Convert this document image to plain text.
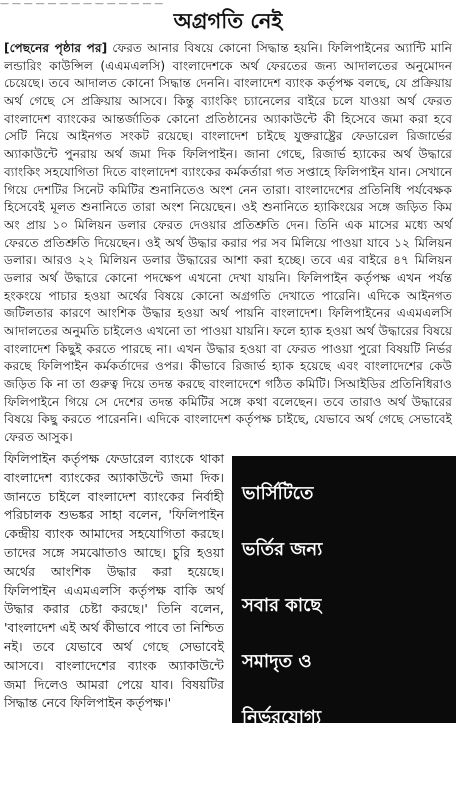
— — — — — — — — — — — — — —
অগ্রগতি নেই

[পেছনের পৃষ্ঠার পর] ফেরত আনার বিষয়ে কোনো সিদ্ধান্ত হয়নি। ফিলিপাইনের অ্যান্টি মানি লন্ডারিং কাউন্সিল (এএমএলসি) বাংলাদেশকে অর্থ ফেরতের জন্য আদালতের অনুমোদন চেয়েছে। তবে আদালত কোনো সিদ্ধান্ত দেননি। বাংলাদেশ ব্যাংক কর্তৃপক্ষ বলছে, যে প্রক্রিয়ায় অর্থ গেছে সে প্রক্রিয়ায় আসবে। কিন্তু ব্যাংকিং চ্যানেলের বাইরে চলে যাওয়া অর্থ ফেরত বাংলাদেশ ব্যাংকের আন্তর্জাতিক কোনো প্রতিষ্ঠানের অ্যাকাউন্টে কী হিসেবে জমা করা হবে সেটি নিয়ে আইনগত সংকট রয়েছে। বাংলাদেশ চাইছে যুক্তরাষ্ট্রের ফেডারেল রিজার্ভের অ্যাকাউন্টে পুনরায় অর্থ জমা দিক ফিলিপাইন। জানা গেছে, রিজার্ভ হ্যাকের অর্থ উদ্ধারে ব্যাংকিং সহযোগিতা দিতে বাংলাদেশ ব্যাংকের কর্মকর্তারা গত সপ্তাহে ফিলিপাইন যান। সেখানে গিয়ে দেশটির সিনেট কমিটির শুনানিতেও অংশ নেন তারা। বাংলাদেশের প্রতিনিধি পর্যবেক্ষক হিসেবেই মূলত শুনানিতে তারা অংশ নিয়েছেন। ওই শুনানিতে হ্যাকিংয়ের সঙ্গে জড়িত কিম অং প্রায় ১০ মিলিয়ন ডলার ফেরত দেওয়ার প্রতিশ্রুতি দেন। তিনি এক মাসের মধ্যে অর্থ ফেরতে প্রতিশ্রুতি দিয়েছেন। ওই অর্থ উদ্ধার করার পর সব মিলিয়ে পাওয়া যাবে ১২ মিলিয়ন ডলার। আরও ২২ মিলিয়ন ডলার উদ্ধারের আশা করা হচ্ছে। তবে এর বাইরে ৪৭ মিলিয়ন ডলার অর্থ উদ্ধারে কোনো পদক্ষেপ এখনো দেখা যায়নি। ফিলিপাইন কর্তৃপক্ষ এখন পর্যন্ত হংকংয়ে পাচার হওয়া অর্থের বিষয়ে কোনো অগ্রগতি দেখাতে পারেনি। এদিকে আইনগত জটিলতার কারণে আংশিক উদ্ধার হওয়া অর্থ পায়নি বাংলাদেশ। ফিলিপাইনের এএমএলসি আদালতের অনুমতি চাইলেও এখনো তা পাওয়া যায়নি। ফলে হ্যাক হওয়া অর্থ উদ্ধারের বিষয়ে বাংলাদেশ কিছুই করতে পারছে না। এখন উদ্ধার হওয়া বা ফেরত পাওয়া পুরো বিষয়টি নির্ভর করছে ফিলিপাইন কর্মকর্তাদের ওপর। কীভাবে রিজার্ভ হ্যাক হয়েছে এবং বাংলাদেশের কেউ জড়িত কি না তা গুরুত্ব দিয়ে তদন্ত করছে বাংলাদেশে গঠিত কমিটি। সিআইডির প্রতিনিধিরাও ফিলিপাইনে গিয়ে সে দেশের তদন্ত কমিটির সঙ্গে কথা বলেছেন। তবে তারাও অর্থ উদ্ধারের বিষয়ে কিছু করতে পারেননি। এদিকে বাংলাদেশ কর্তৃপক্ষ চাইছে, যেভাবে অর্থ গেছে সেভাবেই ফেরত আসুক।

ফিলিপাইন কর্তৃপক্ষ ফেডারেল ব্যাংকে থাকা বাংলাদেশ ব্যাংকের অ্যাকাউন্টে জমা দিক। জানতে চাইলে বাংলাদেশ ব্যাংকের নির্বাহী পরিচালক শুভঙ্কর সাহা বলেন, 'ফিলিপাইন কেন্দ্রীয় ব্যাংক আমাদের সহযোগিতা করছে। তাদের সঙ্গে সমঝোতাও আছে। চুরি হওয়া অর্থের আংশিক উদ্ধার করা হয়েছে। ফিলিপাইন এএমএলসি কর্তৃপক্ষ বাকি অর্থ উদ্ধার করার চেষ্টা করছে।' তিনি বলেন, 'বাংলাদেশ এই অর্থ কীভাবে পাবে তা নিশ্চিত নই। তবে যেভাবে অর্থ গেছে সেভাবেই আসবে। বাংলাদেশের ব্যাংক অ্যাকাউন্টে জমা দিলেও আমরা পেয়ে যাব। বিষয়টির সিদ্ধান্ত নেবে ফিলিপাইন কর্তৃপক্ষ।'

ভার্সিটিতে
ভর্তির জন্য
সবার কাছে
সমাদৃত ও
নির্ভরযোগ্য
কোচিং
